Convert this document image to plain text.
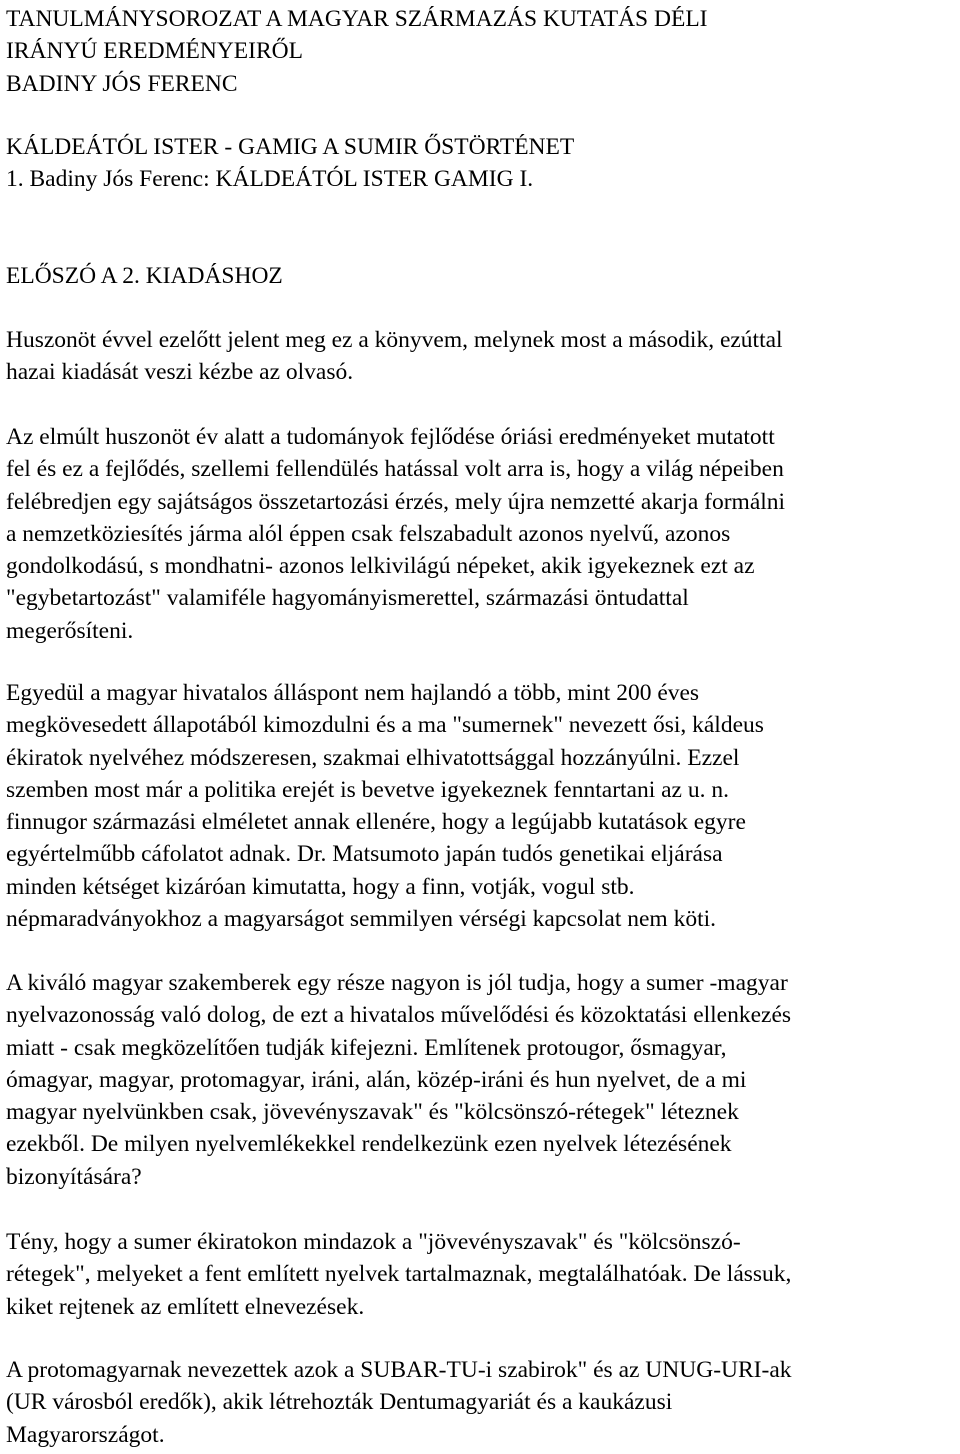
TANULMÁNYSOROZAT A MAGYAR SZÁRMAZÁS KUTATÁS DÉLI
IRÁNYÚ EREDMÉNYEIRŐL
BADINY JÓS FERENC
KÁLDEÁTÓL ISTER - GAMIG A SUMIR ŐSTÖRTÉNET
1. Badiny Jós Ferenc: KÁLDEÁTÓL ISTER GAMIG I.
ELŐSZÓ A 2. KIADÁSHOZ
Huszonöt évvel ezelőtt jelent meg ez a könyvem, melynek most a második, ezúttal
hazai kiadását veszi kézbe az olvasó.
Az elmúlt huszonöt év alatt a tudományok fejlődése óriási eredményeket mutatott
fel és ez a fejlődés, szellemi fellendülés hatással volt arra is, hogy a világ népeiben
felébredjen egy sajátságos összetartozási érzés, mely újra nemzetté akarja formálni
a nemzetköziesítés járma alól éppen csak felszabadult azonos nyelvű, azonos
gondolkodású, s mondhatni- azonos lelkivilágú népeket, akik igyekeznek ezt az
"egybetartozást" valamiféle hagyományismerettel, származási öntudattal
megerősíteni.
Egyedül a magyar hivatalos álláspont nem hajlandó a több, mint 200 éves
megkövesedett állapotából kimozdulni és a ma "sumernek" nevezett ősi, káldeus
ékiratok nyelvéhez módszeresen, szakmai elhivatottsággal hozzányúlni. Ezzel
szemben most már a politika erejét is bevetve igyekeznek fenntartani az u. n.
finnugor származási elméletet annak ellenére, hogy a legújabb kutatások egyre
egyértelműbb cáfolatot adnak. Dr. Matsumoto japán tudós genetikai eljárása
minden kétséget kizáróan kimutatta, hogy a finn, votják, vogul stb.
népmaradványokhoz a magyarságot semmilyen vérségi kapcsolat nem köti.
A kiváló magyar szakemberek egy része nagyon is jól tudja, hogy a sumer -magyar
nyelvazonosság való dolog, de ezt a hivatalos művelődési és közoktatási ellenkezés
miatt - csak megközelítően tudják kifejezni. Említenek protougor, ősmagyar,
ómagyar, magyar, protomagyar, iráni, alán, közép-iráni és hun nyelvet, de a mi
magyar nyelvünkben csak, jövevényszavak" és "kölcsönszó-rétegek" léteznek
ezekből. De milyen nyelvemlékekkel rendelkezünk ezen nyelvek létezésének
bizonyítására?
Tény, hogy a sumer ékiratokon mindazok a "jövevényszavak" és "kölcsönszó-
rétegek", melyeket a fent említett nyelvek tartalmaznak, megtalálhatóak. De lássuk,
kiket rejtenek az említett elnevezések.
A protomagyarnak nevezettek azok a SUBAR-TU-i szabirok" és az UNUG-URI-ak
(UR városból eredők), akik létrehozták Dentumagyariát és a kaukázusi
Magyarországot.
